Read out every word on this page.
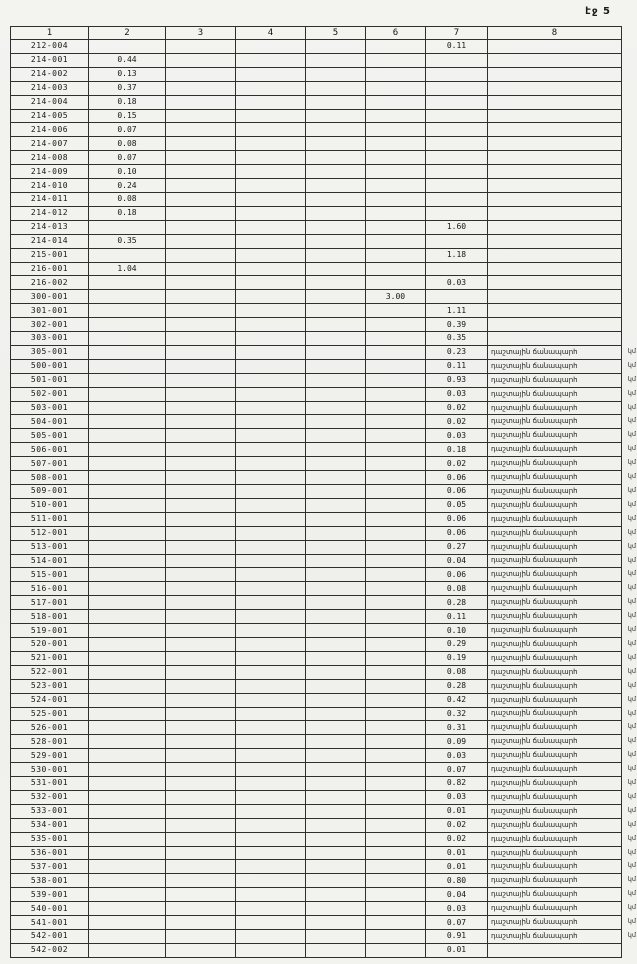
էջ 5
1	2	3	4	5	6	7	8
212-004						0.11	
214-001	0.44						
214-002	0.13						
214-003	0.37						
214-004	0.18						
214-005	0.15						
214-006	0.07						
214-007	0.08						
214-008	0.07						
214-009	0.10						
214-010	0.24						
214-011	0.08						
214-012	0.18						
214-013						1.60	
214-014	0.35						
215-001						1.18	
216-001	1.04						
216-002						0.03	
300-001					3.00		
301-001						1.11	
302-001						0.39	
303-001						0.35	
305-001						0.23	դաշտային ճանապարհ կմ

500-001						0.11	դաշտային ճանապարհ կմ

501-001						0.93	դաշտային ճանապարհ կմ

502-001						0.03	դաշտային ճանապարհ կմ

503-001						0.02	դաշտային ճանապարհ կմ

504-001						0.02	դաշտային ճանապարհ կմ

505-001						0.03	դաշտային ճանապարհ կմ

506-001						0.18	դաշտային ճանապարհ կմ

507-001						0.02	դաշտային ճանապարհ կմ

508-001						0.06	դաշտային ճանապարհ կմ

509-001						0.06	դաշտային ճանապարհ կմ

510-001						0.05	դաշտային ճանապարհ կմ

511-001						0.06	դաշտային ճանապարհ կմ

512-001						0.06	դաշտային ճանապարհ կմ

513-001						0.27	դաշտային ճանապարհ կմ

514-001						0.04	դաշտային ճանապարհ կմ

515-001						0.06	դաշտային ճանապարհ կմ

516-001						0.08	դաշտային ճանապարհ կմ

517-001						0.28	դաշտային ճանապարհ կմ

518-001						0.11	դաշտային ճանապարհ կմ

519-001						0.10	դաշտային ճանապարհ կմ

520-001						0.29	դաշտային ճանապարհ կմ

521-001						0.19	դաշտային ճանապարհ կմ

522-001						0.08	դաշտային ճանապարհ կմ

523-001						0.28	դաշտային ճանապարհ կմ

524-001						0.42	դաշտային ճանապարհ կմ

525-001						0.32	դաշտային ճանապարհ կմ

526-001						0.31	դաշտային ճանապարհ կմ

528-001						0.09	դաշտային ճանապարհ կմ

529-001						0.03	դաշտային ճանապարհ կմ

530-001						0.07	դաշտային ճանապարհ կմ

531-001						0.82	դաշտային ճանապարհ կմ

532-001						0.03	դաշտային ճանապարհ կմ

533-001						0.01	դաշտային ճանապարհ կմ

534-001						0.02	դաշտային ճանապարհ կմ

535-001						0.02	դաշտային ճանապարհ կմ

536-001						0.01	դաշտային ճանապարհ կմ

537-001						0.01	դաշտային ճանապարհ կմ

538-001						0.80	դաշտային ճանապարհ կմ

539-001						0.04	դաշտային ճանապարհ կմ

540-001						0.03	դաշտային ճանապարհ կմ

541-001						0.07	դաշտային ճանապարհ կմ

542-001						0.91	դաշտային ճանապարհ կմ

542-002						0.01	
